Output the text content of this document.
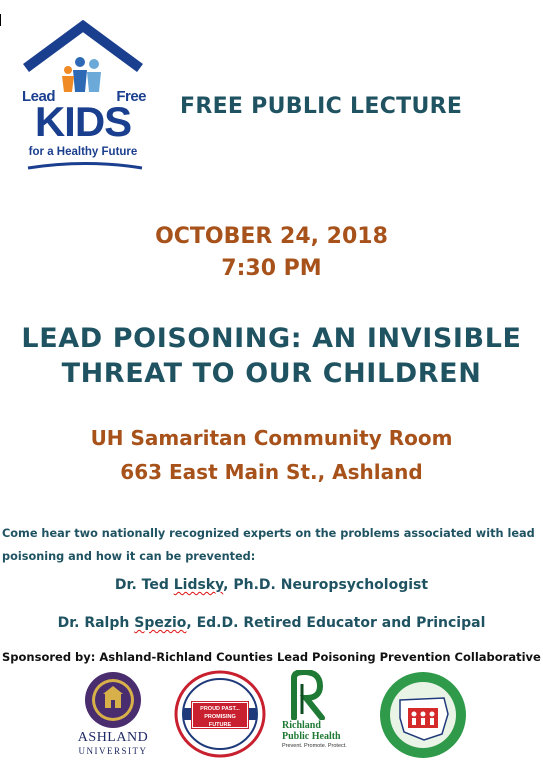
Lead	Free
KIDS
for a Healthy Future
FREE PUBLIC LECTURE
OCTOBER 24, 2018
7:30 PM
LEAD POISONING: AN INVISIBLE
THREAT TO OUR CHILDREN
UH Samaritan Community Room
663 East Main St., Ashland
Come hear two nationally recognized experts on the problems associated with lead poisoning and how it can be prevented:
Dr. Ted Lidsky, Ph.D. Neuropsychologist
Dr. Ralph Spezio, Ed.D. Retired Educator and Principal
Sponsored by: Ashland-Richland Counties Lead Poisoning Prevention Collaborative
ASHLAND
UNIVERSITY
PROUD PAST... PROMISING FUTURE	Richland
Public Health
Prevent. Promote. Protect.
